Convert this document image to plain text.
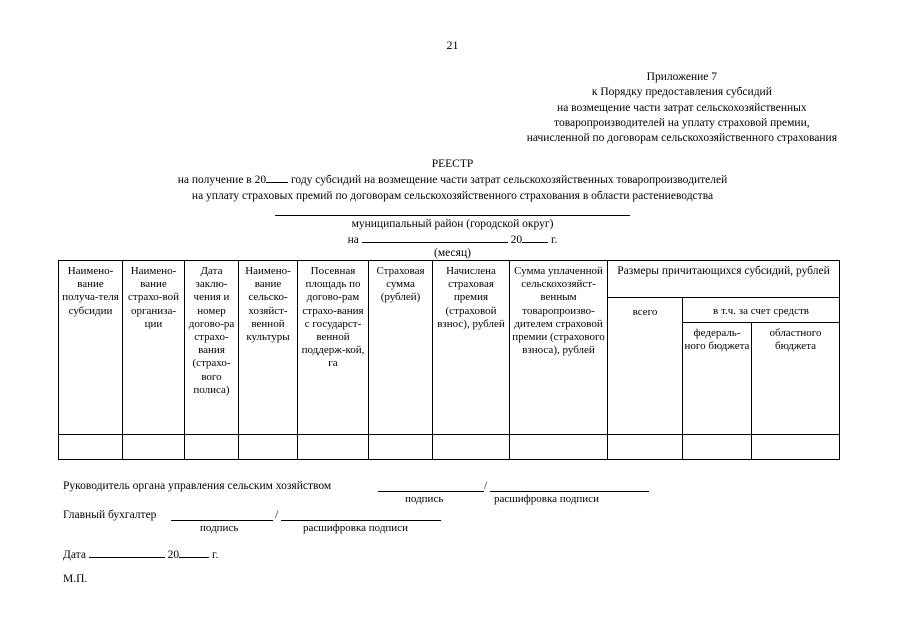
21
Приложение 7
к Порядку предоставления субсидий
на возмещение части затрат сельскохозяйственных
товаропроизводителей на уплату страховой премии,
начисленной по договорам сельскохозяйственного страхования
РЕЕСТР
на получение в 20 году субсидий на возмещение части затрат сельскохозяйственных товаропроизводителей
на уплату страховых премий по договорам сельскохозяйственного страхования в области растениеводства
муниципальный район (городской округ)
на	20	г.
(месяц)
Наимено-вание получа-теля субсидии	Наимено-вание страхо-вой организа-ции	Дата заклю-чения и номер догово-ра страхо-вания (страхо-вого полиса)	Наимено-вание сельско-хозяйст-венной культуры	Посевная площадь по догово-рам страхо-вания с государст-венной поддерж-кой, га	Страховая сумма (рублей)	Начислена страховая премия (страховой взнос), рублей	Сумма уплаченной сельскохозяйст-венным товаропроизво-дителем страховой премии (страхового взноса), рублей	Размеры причитающихся субсидий, рублей		
								всего	в т.ч. за счет средств	
									федераль-ного бюджета	областного бюджета

Руководитель органа управления сельским хозяйством	/
подпись	расшифровка подписи
Главный бухгалтер	/
подпись	расшифровка подписи
Дата	20	г.
М.П.
